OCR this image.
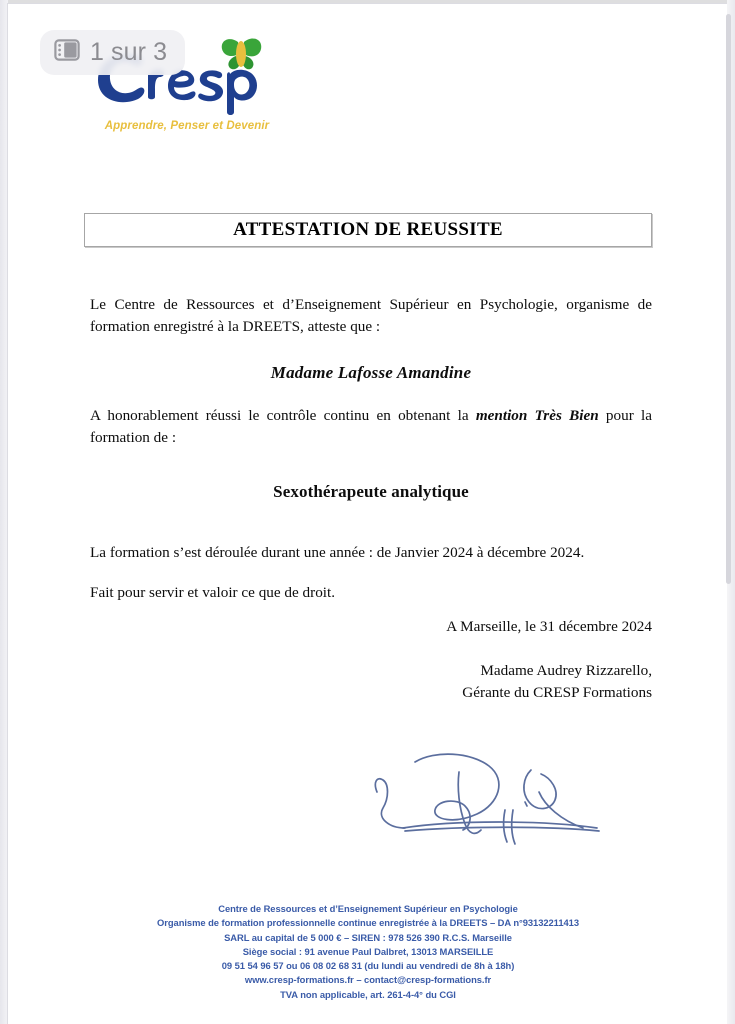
1 sur 3
Apprendre, Penser et Devenir
ATTESTATION DE REUSSITE

Le Centre de Ressources et d’Enseignement Supérieur en Psychologie, organisme de formation enregistré à la DREETS, atteste que :

Madame Lafosse Amandine

A honorablement réussi le contrôle continu en obtenant la mention Très Bien pour la formation de :

Sexothérapeute analytique

La formation s’est déroulée durant une année : de Janvier 2024 à décembre 2024.

Fait pour servir et valoir ce que de droit.

A Marseille, le 31 décembre 2024
Madame Audrey Rizzarello,
Gérante du CRESP Formations
Centre de Ressources et d’Enseignement Supérieur en Psychologie
Organisme de formation professionnelle continue enregistrée à la DREETS – DA n°93132211413
SARL au capital de 5 000 € – SIREN : 978 526 390 R.C.S. Marseille
Siège social : 91 avenue Paul Dalbret, 13013 MARSEILLE
09 51 54 96 57 ou 06 08 02 68 31 (du lundi au vendredi de 8h à 18h)
www.cresp-formations.fr – contact@cresp-formations.fr
TVA non applicable, art. 261-4-4° du CGI
